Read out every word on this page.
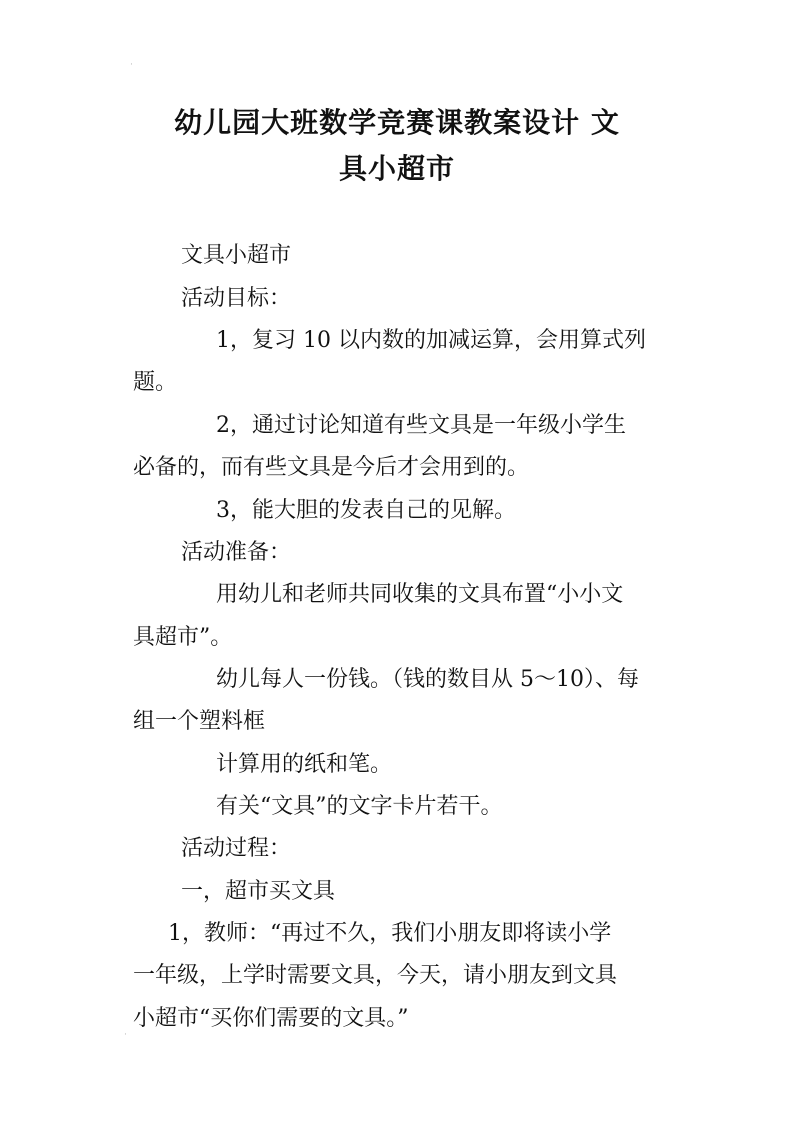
·
幼儿园大班数学竞赛课教案设计 文
具小超市

文具小超市

活动目标：

1，复习 10 以内数的加减运算，会用算式列

题。

2，通过讨论知道有些文具是一年级小学生

必备的，而有些文具是今后才会用到的。

3，能大胆的发表自己的见解。

活动准备：

用幼儿和老师共同收集的文具布置“小小文

具超市”。

幼儿每人一份钱。（钱的数目从 5～10）、每

组一个塑料框

计算用的纸和笔。

有关“文具”的文字卡片若干。

活动过程：

一，超市买文具

1，教师：“再过不久，我们小朋友即将读小学

一年级，上学时需要文具，今天，请小朋友到文具

小超市“买你们需要的文具。”

·
